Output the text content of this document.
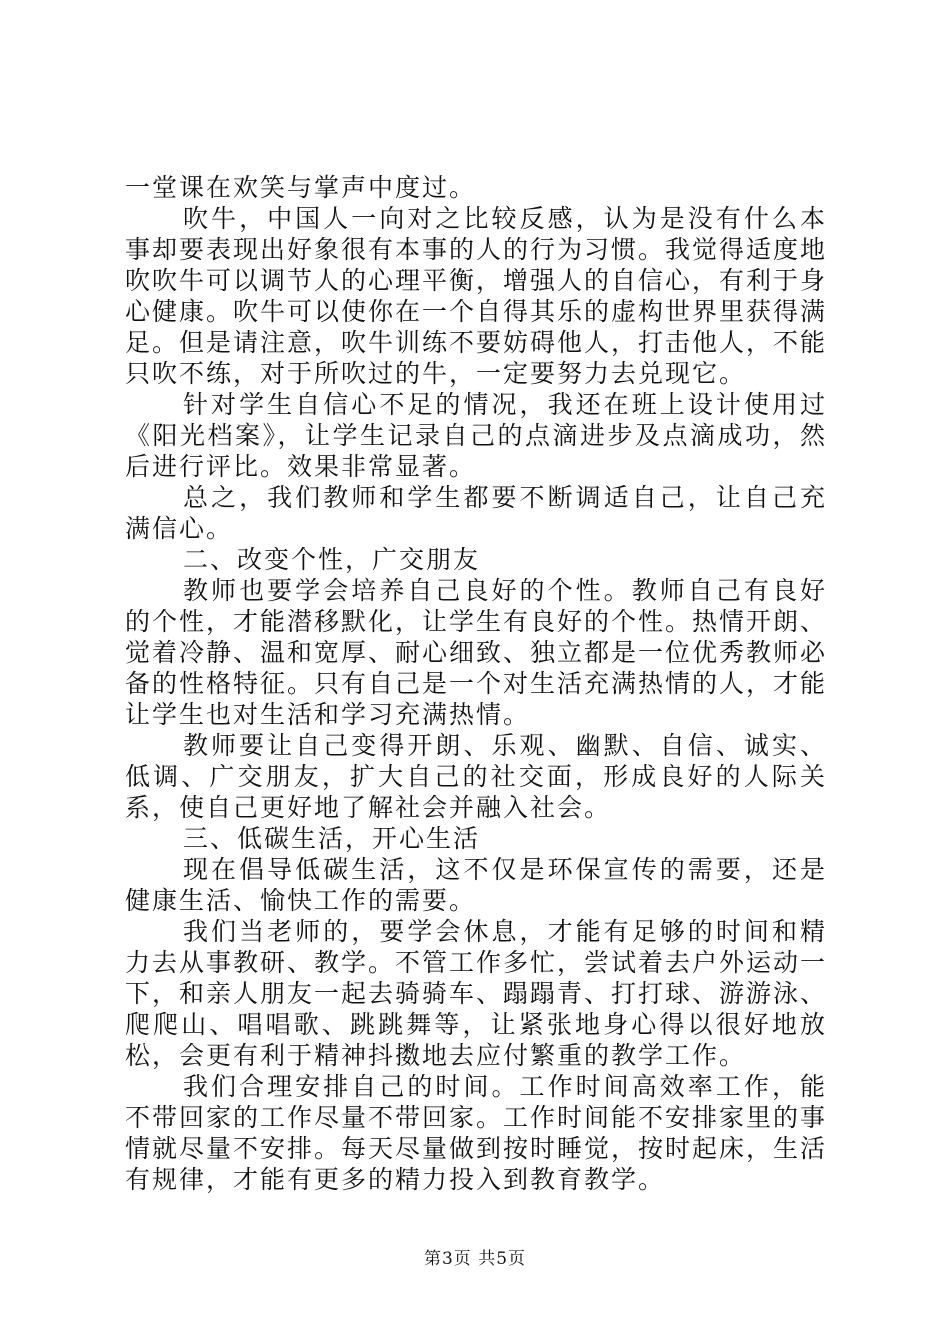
一堂课在欢笑与掌声中度过。

吹牛，中国人一向对之比较反感，认为是没有什么本事却要表现出好象很有本事的人的行为习惯。我觉得适度地吹吹牛可以调节人的心理平衡，增强人的自信心，有利于身心健康。吹牛可以使你在一个自得其乐的虚构世界里获得满足。但是请注意，吹牛训练不要妨碍他人，打击他人，不能只吹不练，对于所吹过的牛，一定要努力去兑现它。

针对学生自信心不足的情况，我还在班上设计使用过《阳光档案》，让学生记录自己的点滴进步及点滴成功，然后进行评比。效果非常显著。

总之，我们教师和学生都要不断调适自己，让自己充满信心。

二、改变个性，广交朋友

教师也要学会培养自己良好的个性。教师自己有良好的个性，才能潜移默化，让学生有良好的个性。热情开朗、觉着冷静、温和宽厚、耐心细致、独立都是一位优秀教师必备的性格特征。只有自己是一个对生活充满热情的人，才能让学生也对生活和学习充满热情。

教师要让自己变得开朗、乐观、幽默、自信、诚实、低调、广交朋友，扩大自己的社交面，形成良好的人际关系，使自己更好地了解社会并融入社会。

三、低碳生活，开心生活

现在倡导低碳生活，这不仅是环保宣传的需要，还是健康生活、愉快工作的需要。

我们当老师的，要学会休息，才能有足够的时间和精力去从事教研、教学。不管工作多忙，尝试着去户外运动一下，和亲人朋友一起去骑骑车、蹋蹋青、打打球、游游泳、爬爬山、唱唱歌、跳跳舞等，让紧张地身心得以很好地放松，会更有利于精神抖擞地去应付繁重的教学工作。

我们合理安排自己的时间。工作时间高效率工作，能不带回家的工作尽量不带回家。工作时间能不安排家里的事情就尽量不安排。每天尽量做到按时睡觉，按时起床，生活有规律，才能有更多的精力投入到教育教学。

第3页 共5页
